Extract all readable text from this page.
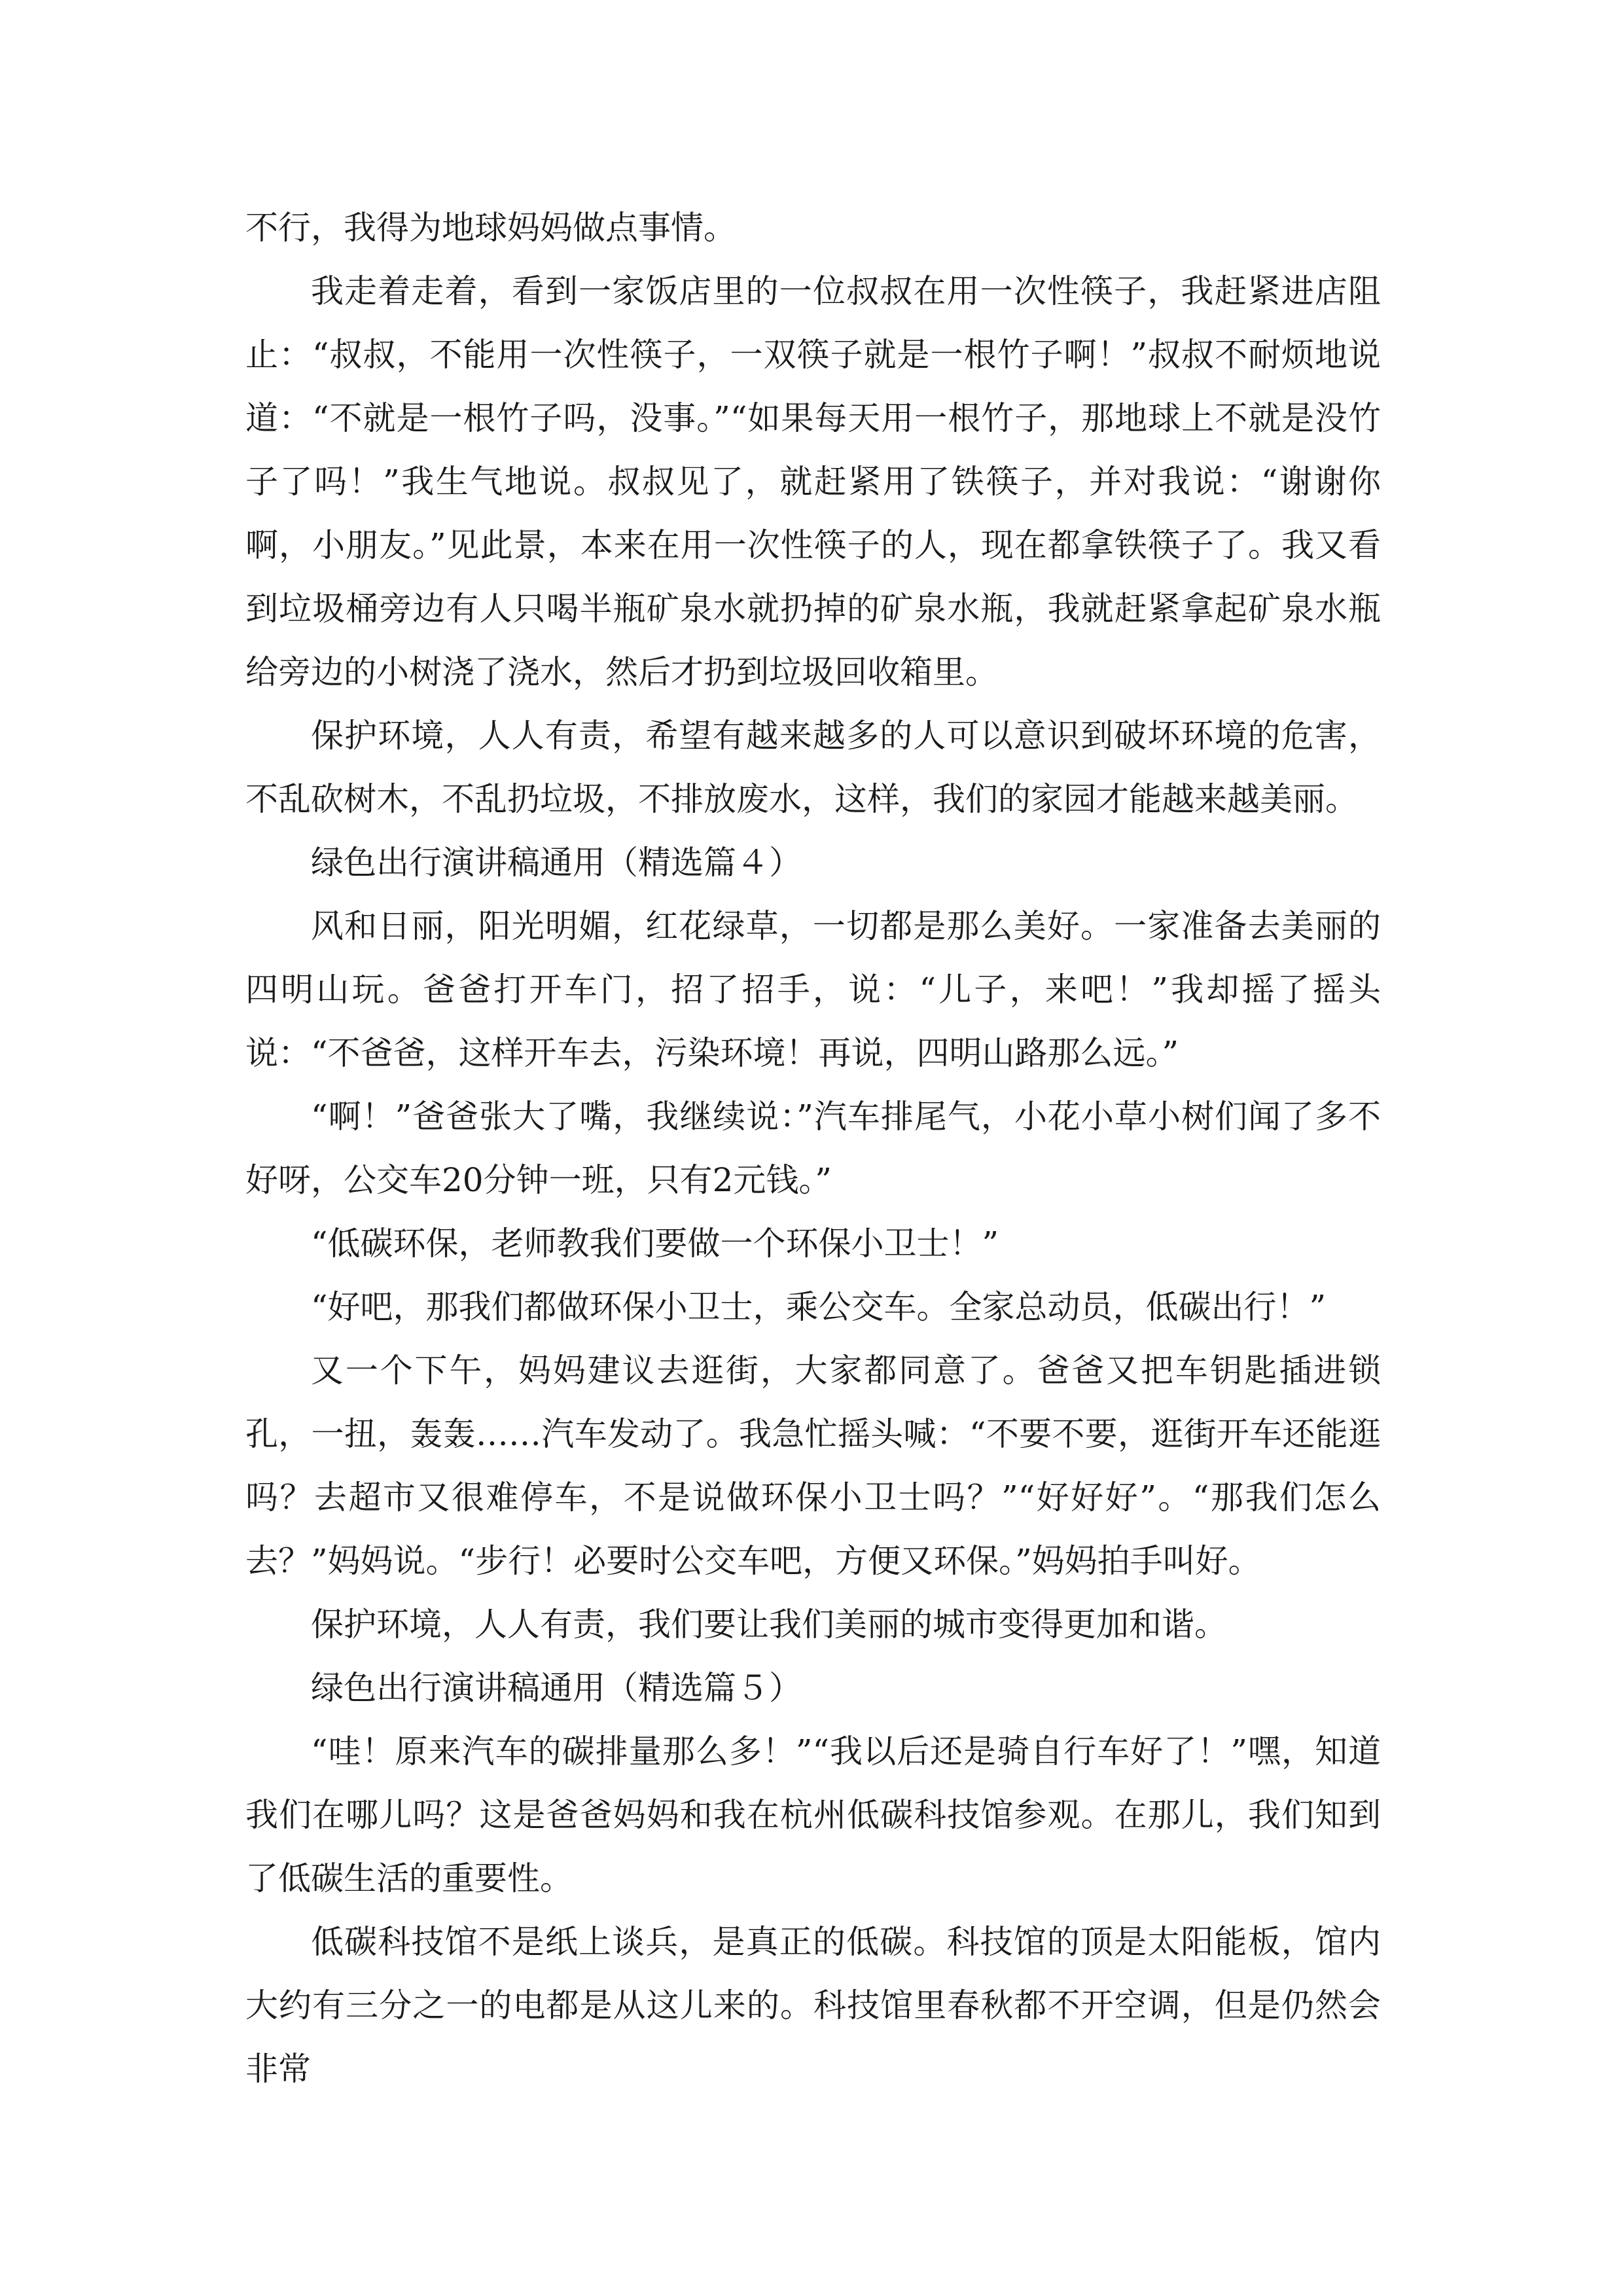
不行，我得为地球妈妈做点事情。

我走着走着，看到一家饭店里的一位叔叔在用一次性筷子，我赶紧进店阻止：“叔叔，不能用一次性筷子，一双筷子就是一根竹子啊！”叔叔不耐烦地说道：“不就是一根竹子吗，没事。”“如果每天用一根竹子，那地球上不就是没竹子了吗！”我生气地说。叔叔见了，就赶紧用了铁筷子，并对我说：“谢谢你啊，小朋友。”见此景，本来在用一次性筷子的人，现在都拿铁筷子了。我又看到垃圾桶旁边有人只喝半瓶矿泉水就扔掉的矿泉水瓶，我就赶紧拿起矿泉水瓶给旁边的小树浇了浇水，然后才扔到垃圾回收箱里。

保护环境，人人有责，希望有越来越多的人可以意识到破坏环境的危害，不乱砍树木，不乱扔垃圾，不排放废水，这样，我们的家园才能越来越美丽。

绿色出行演讲稿通用（精选篇４）

风和日丽，阳光明媚，红花绿草，一切都是那么美好。一家准备去美丽的四明山玩。爸爸打开车门，招了招手，说：“儿子，来吧！”我却摇了摇头说：“不爸爸，这样开车去，污染环境！再说，四明山路那么远。”

“啊！”爸爸张大了嘴，我继续说：”汽车排尾气，小花小草小树们闻了多不好呀，公交车20分钟一班，只有2元钱。”

“低碳环保，老师教我们要做一个环保小卫士！”

“好吧，那我们都做环保小卫士，乘公交车。全家总动员，低碳出行！”

又一个下午，妈妈建议去逛街，大家都同意了。爸爸又把车钥匙插进锁孔，一扭，轰轰……汽车发动了。我急忙摇头喊：“不要不要，逛街开车还能逛吗？去超市又很难停车，不是说做环保小卫士吗？”“好好好”。“那我们怎么去？”妈妈说。“步行！必要时公交车吧，方便又环保。”妈妈拍手叫好。

保护环境，人人有责，我们要让我们美丽的城市变得更加和谐。

绿色出行演讲稿通用（精选篇５）

“哇！原来汽车的碳排量那么多！”“我以后还是骑自行车好了！”嘿，知道我们在哪儿吗？这是爸爸妈妈和我在杭州低碳科技馆参观。在那儿，我们知到了低碳生活的重要性。

低碳科技馆不是纸上谈兵，是真正的低碳。科技馆的顶是太阳能板，馆内大约有三分之一的电都是从这儿来的。科技馆里春秋都不开空调，但是仍然会非常
